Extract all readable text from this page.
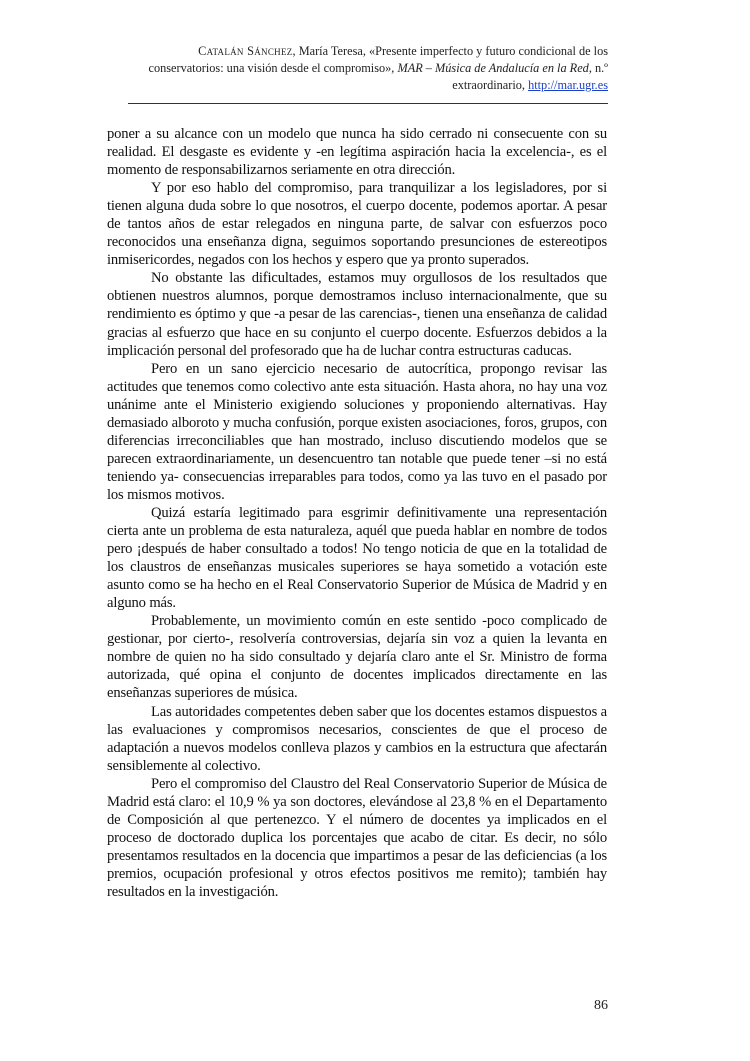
Catalán Sánchez, María Teresa, «Presente imperfecto y futuro condicional de los conservatorios: una visión desde el compromiso», MAR – Música de Andalucía en la Red, n.º extraordinario, http://mar.ugr.es

poner a su alcance con un modelo que nunca ha sido cerrado ni consecuente con su realidad. El desgaste es evidente y -en legítima aspiración hacia la excelencia-, es el momento de responsabilizarnos seriamente en otra dirección.

Y por eso hablo del compromiso, para tranquilizar a los legisladores, por si tienen alguna duda sobre lo que nosotros, el cuerpo docente, podemos aportar. A pesar de tantos años de estar relegados en ninguna parte, de salvar con esfuerzos poco reconocidos una enseñanza digna, seguimos soportando presunciones de estereotipos inmisericordes, negados con los hechos y espero que ya pronto superados.

No obstante las dificultades, estamos muy orgullosos de los resultados que obtienen nuestros alumnos, porque demostramos incluso internacionalmente, que su rendimiento es óptimo y que -a pesar de las carencias-, tienen una enseñanza de calidad gracias al esfuerzo que hace en su conjunto el cuerpo docente. Esfuerzos debidos a la implicación personal del profesorado que ha de luchar contra estructuras caducas.

Pero en un sano ejercicio necesario de autocrítica, propongo revisar las actitudes que tenemos como colectivo ante esta situación. Hasta ahora, no hay una voz unánime ante el Ministerio exigiendo soluciones y proponiendo alternativas. Hay demasiado alboroto y mucha confusión, porque existen asociaciones, foros, grupos, con diferencias irreconciliables que han mostrado, incluso discutiendo modelos que se parecen extraordinariamente, un desencuentro tan notable que puede tener –si no está teniendo ya- consecuencias irreparables para todos, como ya las tuvo en el pasado por los mismos motivos.

Quizá estaría legitimado para esgrimir definitivamente una representación cierta ante un problema de esta naturaleza, aquél que pueda hablar en nombre de todos pero ¡después de haber consultado a todos! No tengo noticia de que en la totalidad de los claustros de enseñanzas musicales superiores se haya sometido a votación este asunto como se ha hecho en el Real Conservatorio Superior de Música de Madrid y en alguno más.

Probablemente, un movimiento común en este sentido -poco complicado de gestionar, por cierto-, resolvería controversias, dejaría sin voz a quien la levanta en nombre de quien no ha sido consultado y dejaría claro ante el Sr. Ministro de forma autorizada, qué opina el conjunto de docentes implicados directamente en las enseñanzas superiores de música.

Las autoridades competentes deben saber que los docentes estamos dispuestos a las evaluaciones y compromisos necesarios, conscientes de que el proceso de adaptación a nuevos modelos conlleva plazos y cambios en la estructura que afectarán sensiblemente al colectivo.

Pero el compromiso del Claustro del Real Conservatorio Superior de Música de Madrid está claro: el 10,9 % ya son doctores, elevándose al 23,8 % en el Departamento de Composición al que pertenezco. Y el número de docentes ya implicados en el proceso de doctorado duplica los porcentajes que acabo de citar. Es decir, no sólo presentamos resultados en la docencia que impartimos a pesar de las deficiencias (a los premios, ocupación profesional y otros efectos positivos me remito); también hay resultados en la investigación.

86
